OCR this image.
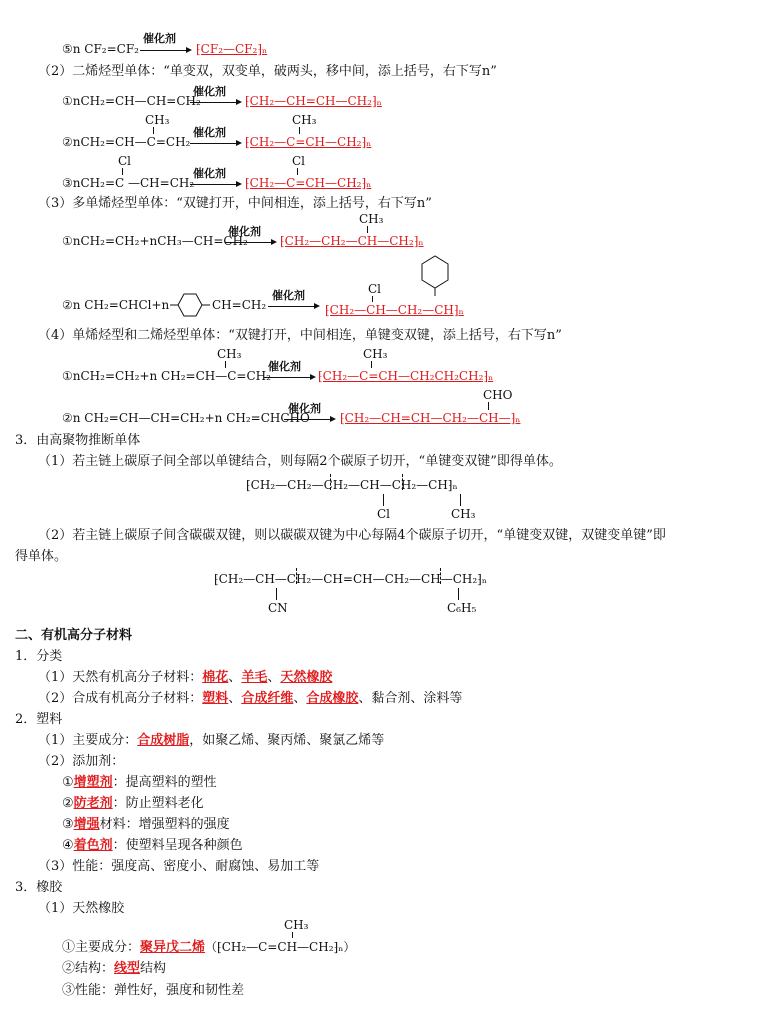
⑤n CF₂=CF₂
催化剂
→ ⁅CF₂—CF₂⁆ₙ
（2）二烯烃型单体：“单变双，双变单，破两头，移中间，添上括号，右下写n”
①nCH₂=CH—CH=CH₂
催化剂
→ ⁅CH₂—CH=CH—CH₂⁆ₙ
CH₃
②nCH₂=CH—C=CH₂
催化剂
CH₃
⁅CH₂—C=CH—CH₂⁆ₙ
Cl
③nCH₂=C —CH=CH₂
催化剂
Cl
⁅CH₂—C=CH—CH₂⁆ₙ
（3）多单烯烃型单体：“双键打开，中间相连，添上括号，右下写n”
CH₃
①nCH₂=CH₂+nCH₃—CH=CH₂
催化剂
→ ⁅CH₂—CH₂—CH—CH₂⁆ₙ
②n CH₂=CHCl+n	CH=CH₂
催化剂	Cl
⁅CH₂—CH—CH₂—CH⁆ₙ
（4）单烯烃型和二烯烃型单体：“双键打开，中间相连，单键变双键，添上括号，右下写n”
CH₃
①nCH₂=CH₂+n CH₂=CH—C=CH₂
催化剂
CH₃
⁅CH₂—C=CH—CH₂CH₂CH₂⁆ₙ
②n CH₂=CH—CH=CH₂+n CH₂=CHCHO
催化剂
CHO
⁅CH₂—CH=CH—CH₂—CH—⁆ₙ
3．由高聚物推断单体
（1）若主链上碳原子间全部以单键结合，则每隔2个碳原子切开，“单键变双键”即得单体。
⁅CH₂—CH₂—CH₂—CH—CH₂—CH⁆ₙ
Cl	CH₃
（2）若主链上碳原子间含碳碳双键，则以碳碳双键为中心每隔4个碳原子切开，“单键变双键，双键变单键”即
得单体。
⁅CH₂—CH—CH₂—CH=CH—CH₂—CH—CH₂⁆ₙ
CN	C₆H₅
二、有机高分子材料
1．分类
（1）天然有机高分子材料：棉花、羊毛、天然橡胶
（2）合成有机高分子材料：塑料、合成纤维、合成橡胶、黏合剂、涂料等
2．塑料
（1）主要成分：合成树脂，如聚乙烯、聚丙烯、聚氯乙烯等
（2）添加剂：
①增塑剂：提高塑料的塑性
②防老剂：防止塑料老化
③增强材料：增强塑料的强度
④着色剂：使塑料呈现各种颜色
（3）性能：强度高、密度小、耐腐蚀、易加工等
3．橡胶
（1）天然橡胶
CH₃
①主要成分：聚异戊二烯（⁅CH₂—C=CH—CH₂⁆ₙ）
②结构：线型结构
③性能：弹性好，强度和韧性差
